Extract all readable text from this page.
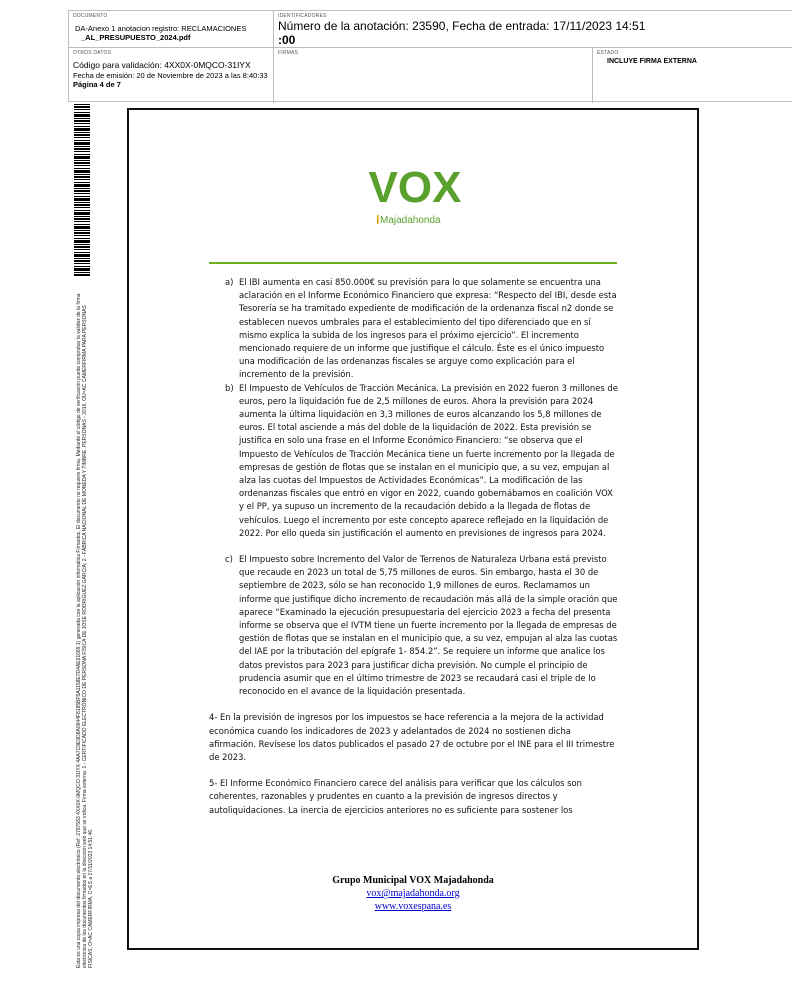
DOCUMENTO
DA-Anexo 1 anotacion registro: RECLAMACIONES
_AL_PRESUPUESTO_2024.pdf
IDENTIFICADORES
Número de la anotación: 23590, Fecha de entrada: 17/11/2023 14:51
:00
OTROS DATOS
Código para validación: 4XX0X-0MQCO-31IYX
Fecha de emisión: 20 de Noviembre de 2023 a las 8:40:33
Página 4 de 7
FIRMAS	ESTADO
INCLUYE FIRMA EXTERNA
Esta es una copia impresa del documento electrónico (Ref: 2797583 4XX0X-0MQCO-31IYX 4AA7C9E9D8A0944F8185BF5A1158E7D4AE61689 1) generada con la aplicación informática Firmadoc. El documento no requiere firma. Mediante el código de verificación puede comprobar la validez de la firma electrónica de los documentos firmados en la dirección web que se indica. Firma externa: 1.- CERTIFICADO ELECTRÓNICO DE PERSONA FÍSICA DE JOSE RODRIGUEZ GARCIA; 2.- FÁBRICA NACIONAL DE MONEDA Y TIMBRE. PERSONAS - 2016, OU=AC CAMERFIRMA PARA PERSONAS FISICAS, O=AC CAMERFIRMA, C=ES a 17/11/2023 14:51:46.
VOX
Majadahonda
a) El IBI aumenta en casi 850.000€ su previsión para lo que solamente se encuentra una aclaración en el Informe Económico Financiero que expresa: “Respecto del IBI, desde esta Tesorería se ha tramitado expediente de modificación de la ordenanza fiscal n2 donde se establecen nuevos umbrales para el establecimiento del tipo diferenciado que en sí mismo explica la subida de los ingresos para el próximo ejercicio”. El incremento mencionado requiere de un informe que justifique el cálculo. Éste es el único impuesto una modificación de las ordenanzas fiscales se arguye como explicación para el incremento de la previsión.

b) El Impuesto de Vehículos de Tracción Mecánica. La previsión en 2022 fueron 3 millones de euros, pero la liquidación fue de 2,5 millones de euros. Ahora la previsión para 2024 aumenta la última liquidación en 3,3 millones de euros alcanzando los 5,8 millones de euros. El total asciende a más del doble de la liquidación de 2022. Esta previsión se justifica en solo una frase en el Informe Económico Financiero: “se observa que el Impuesto de Vehículos de Tracción Mecánica tiene un fuerte incremento por la llegada de empresas de gestión de flotas que se instalan en el municipio que, a su vez, empujan al alza las cuotas del Impuestos de Actividades Económicas”. La modificación de las ordenanzas fiscales que entró en vigor en 2022, cuando gobernábamos en coalición VOX y el PP, ya supuso un incremento de la recaudación debido a la llegada de flotas de vehículos. Luego el incremento por este concepto aparece reflejado en la liquidación de 2022. Por ello queda sin justificación el aumento en previsiones de ingresos para 2024.

c) El Impuesto sobre Incremento del Valor de Terrenos de Naturaleza Urbana está previsto que recaude en 2023 un total de 5,75 millones de euros. Sin embargo, hasta el 30 de septiembre de 2023, sólo se han reconocido 1,9 millones de euros. Reclamamos un informe que justifique dicho incremento de recaudación más allá de la simple oración que aparece “Examinado la ejecución presupuestaria del ejercicio 2023 a fecha del presenta informe se observa que el IVTM tiene un fuerte incremento por la llegada de empresas de gestión de flotas que se instalan en el municipio que, a su vez, empujan al alza las cuotas del IAE por la tributación del epígrafe 1- 854.2”. Se requiere un informe que analice los datos previstos para 2023 para justificar dicha previsión. No cumple el principio de prudencia asumir que en el último trimestre de 2023 se recaudará casi el triple de lo reconocido en el avance de la liquidación presentada.

4- En la previsión de ingresos por los impuestos se hace referencia a la mejora de la actividad económica cuando los indicadores de 2023 y adelantados de 2024 no sostienen dicha afirmación. Revísese los datos publicados el pasado 27 de octubre por el INE para el III trimestre de 2023.

5- El Informe Económico Financiero carece del análisis para verificar que los cálculos son coherentes, razonables y prudentes en cuanto a la previsión de ingresos directos y autoliquidaciones. La inercia de ejercicios anteriores no es suficiente para sostener los

Grupo Municipal VOX Majadahonda
vox@majadahonda.org
www.voxespana.es
